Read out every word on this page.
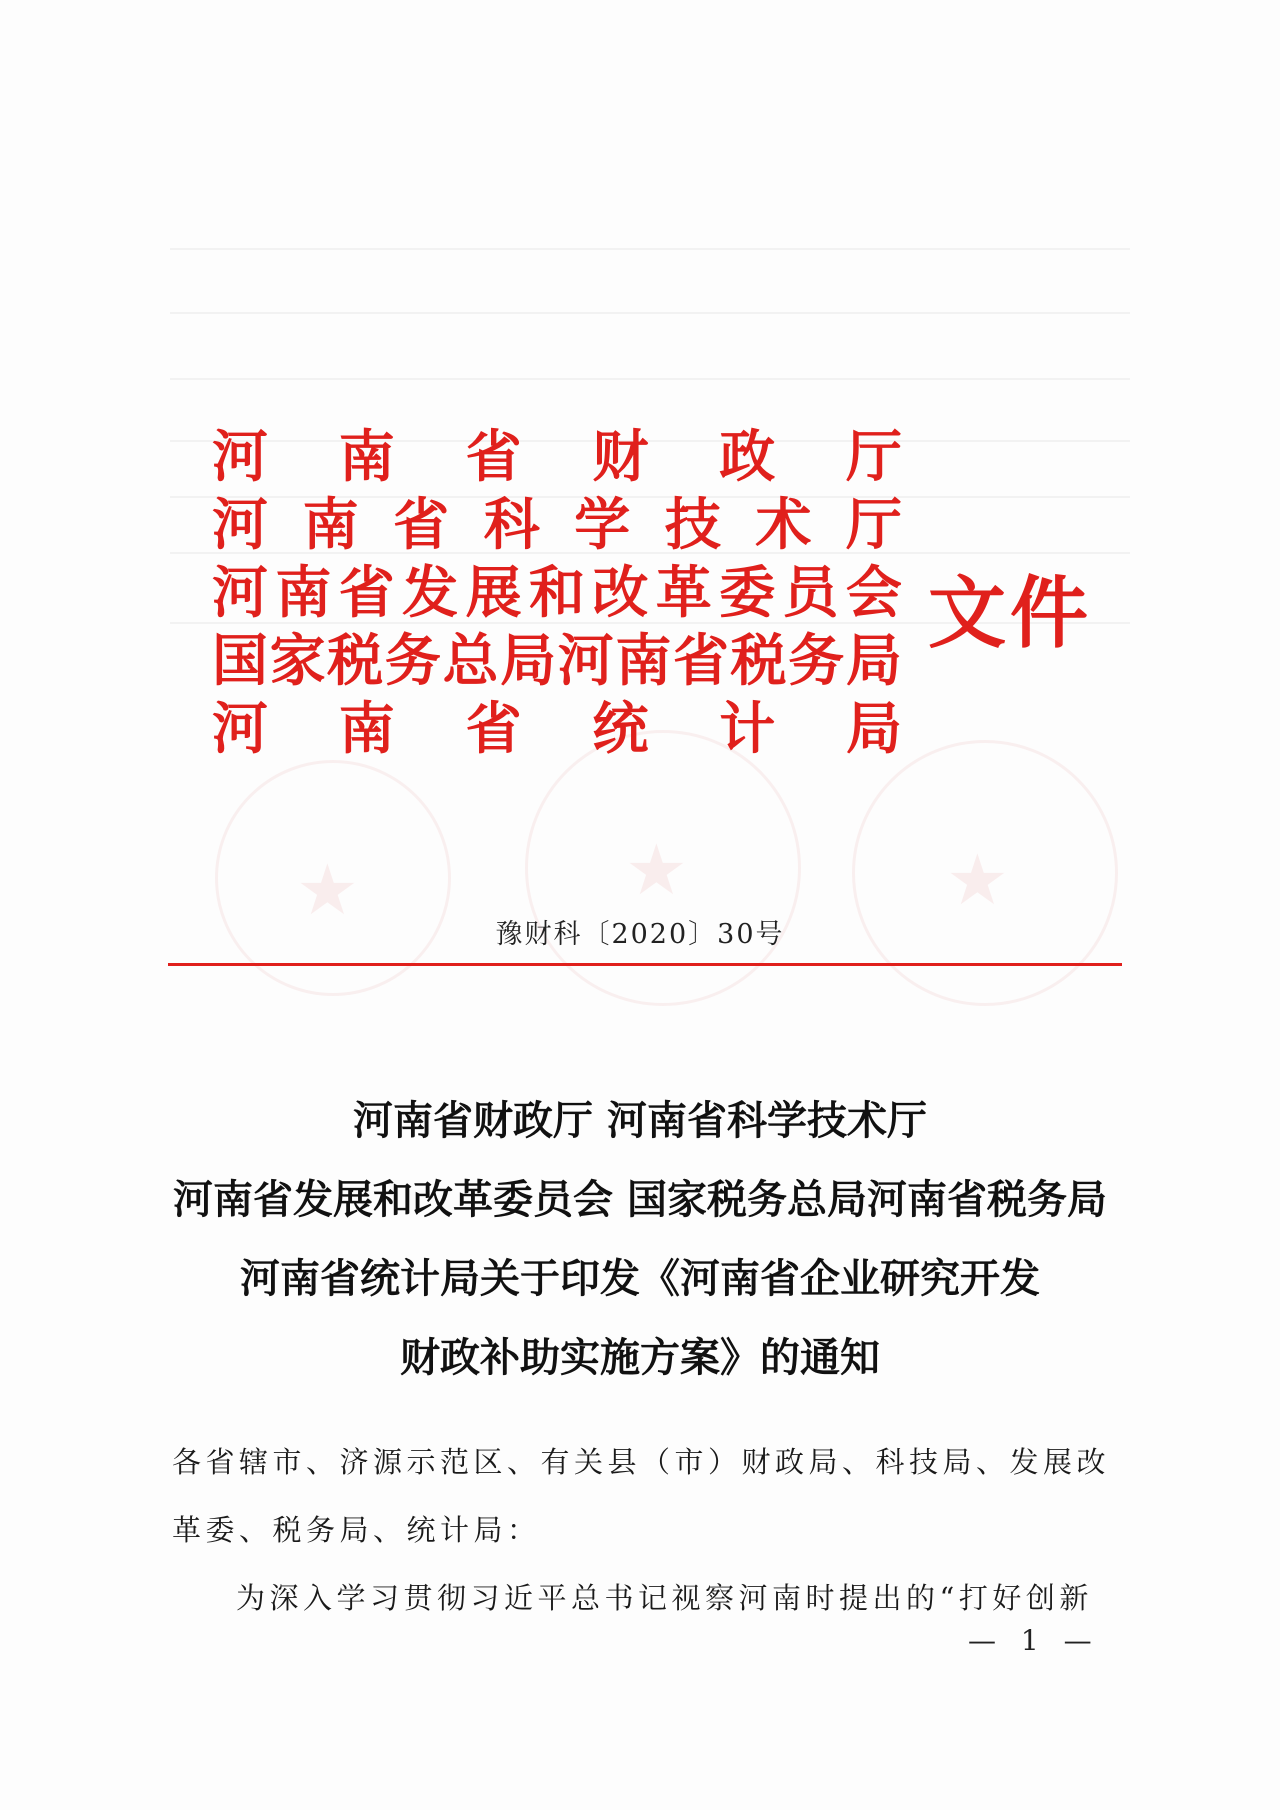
★	★	★
河 南 省 财 政 厅
河 南 省 科 学 技 术 厅
河 南 省 发 展 和 改 革 委 员 会
国 家 税 务 总 局 河 南 省 税 务 局
河 南 省 统 计 局
文件
豫财科〔2020〕30号
河南省财政厅 河南省科学技术厅
河南省发展和改革委员会 国家税务总局河南省税务局
河南省统计局关于印发《河南省企业研究开发
财政补助实施方案》的通知
各省辖市、济源示范区、有关县（市）财政局、科技局、发展改
革委、税务局、统计局：
为深入学习贯彻习近平总书记视察河南时提出的“打好创新
— 1 —
